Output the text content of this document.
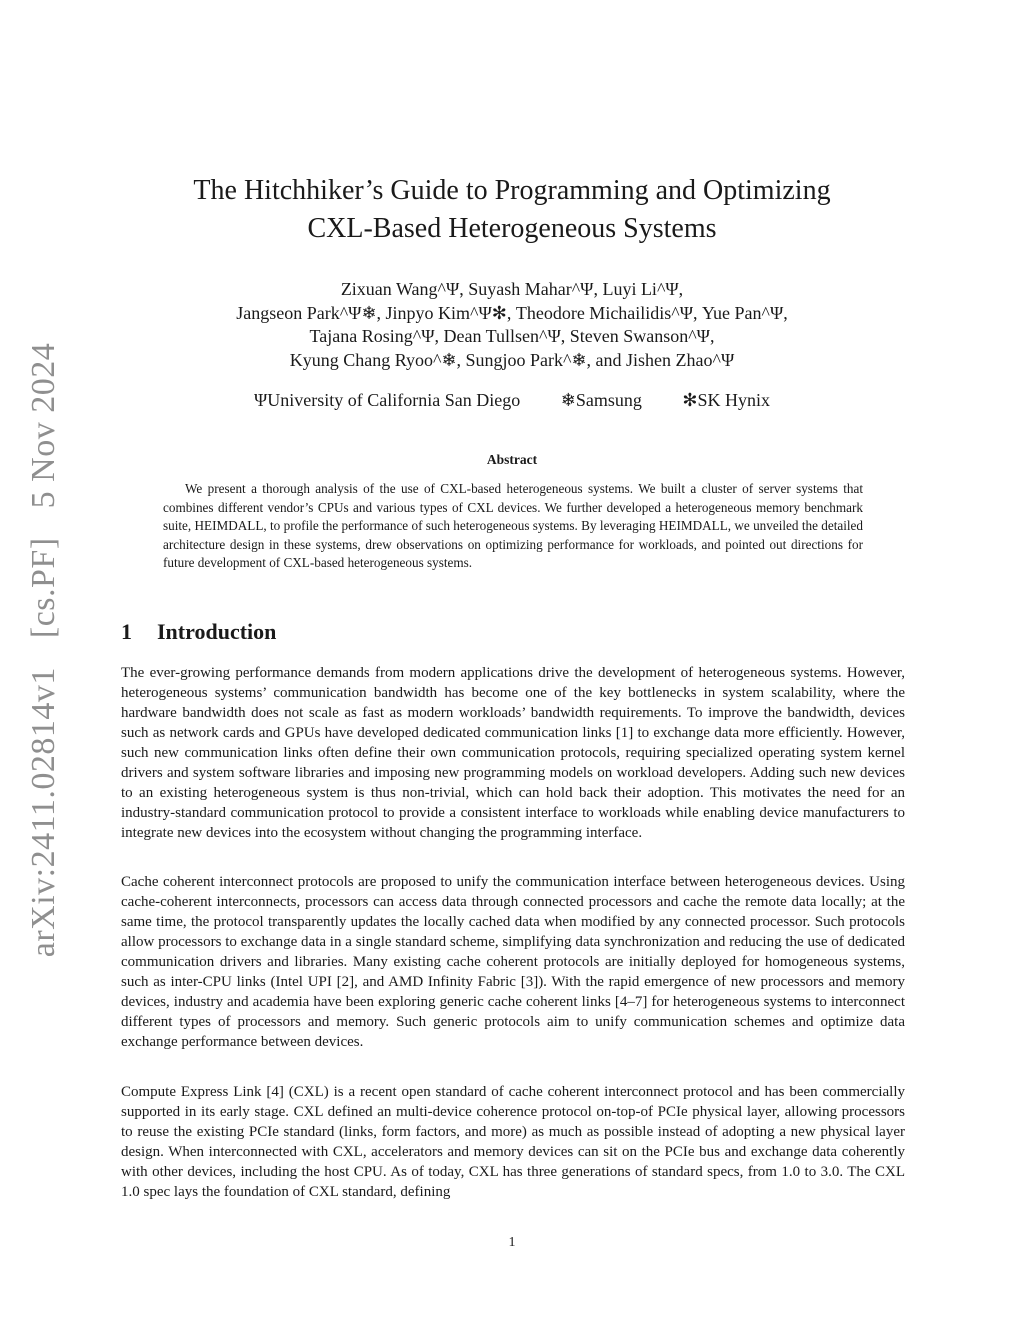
arXiv:2411.02814v1 [cs.PF] 5 Nov 2024
The Hitchhiker’s Guide to Programming and Optimizing
CXL-Based Heterogeneous Systems
Zixuan Wang^Ψ, Suyash Mahar^Ψ, Luyi Li^Ψ,
Jangseon Park^Ψ❄, Jinpyo Kim^Ψ✻, Theodore Michailidis^Ψ, Yue Pan^Ψ,
Tajana Rosing^Ψ, Dean Tullsen^Ψ, Steven Swanson^Ψ,
Kyung Chang Ryoo^❄, Sungjoo Park^❄, and Jishen Zhao^Ψ
ΨUniversity of California San Diego ❄Samsung ✻SK Hynix
Abstract
We present a thorough analysis of the use of CXL-based heterogeneous systems. We built a cluster of server systems that combines different vendor’s CPUs and various types of CXL devices. We further developed a heterogeneous memory benchmark suite, HEIMDALL, to profile the performance of such heterogeneous systems. By leveraging HEIMDALL, we unveiled the detailed architecture design in these systems, drew observations on optimizing performance for workloads, and pointed out directions for future development of CXL-based heterogeneous systems.
1 Introduction

The ever-growing performance demands from modern applications drive the development of heterogeneous systems. However, heterogeneous systems’ communication bandwidth has become one of the key bottlenecks in system scalability, where the hardware bandwidth does not scale as fast as modern workloads’ bandwidth requirements. To improve the bandwidth, devices such as network cards and GPUs have developed dedicated communication links [1] to exchange data more efficiently. However, such new communication links often define their own communication protocols, requiring specialized operating system kernel drivers and system software libraries and imposing new programming models on workload developers. Adding such new devices to an existing heterogeneous system is thus non-trivial, which can hold back their adoption. This motivates the need for an industry-standard communication protocol to provide a consistent interface to workloads while enabling device manufacturers to integrate new devices into the ecosystem without changing the programming interface.

Cache coherent interconnect protocols are proposed to unify the communication interface between heterogeneous devices. Using cache-coherent interconnects, processors can access data through connected processors and cache the remote data locally; at the same time, the protocol transparently updates the locally cached data when modified by any connected processor. Such protocols allow processors to exchange data in a single standard scheme, simplifying data synchronization and reducing the use of dedicated communication drivers and libraries. Many existing cache coherent protocols are initially deployed for homogeneous systems, such as inter-CPU links (Intel UPI [2], and AMD Infinity Fabric [3]). With the rapid emergence of new processors and memory devices, industry and academia have been exploring generic cache coherent links [4–7] for heterogeneous systems to interconnect different types of processors and memory. Such generic protocols aim to unify communication schemes and optimize data exchange performance between devices.

Compute Express Link [4] (CXL) is a recent open standard of cache coherent interconnect protocol and has been commercially supported in its early stage. CXL defined an multi-device coherence protocol on-top-of PCIe physical layer, allowing processors to reuse the existing PCIe standard (links, form factors, and more) as much as possible instead of adopting a new physical layer design. When interconnected with CXL, accelerators and memory devices can sit on the PCIe bus and exchange data coherently with other devices, including the host CPU. As of today, CXL has three generations of standard specs, from 1.0 to 3.0. The CXL 1.0 spec lays the foundation of CXL standard, defining

1
